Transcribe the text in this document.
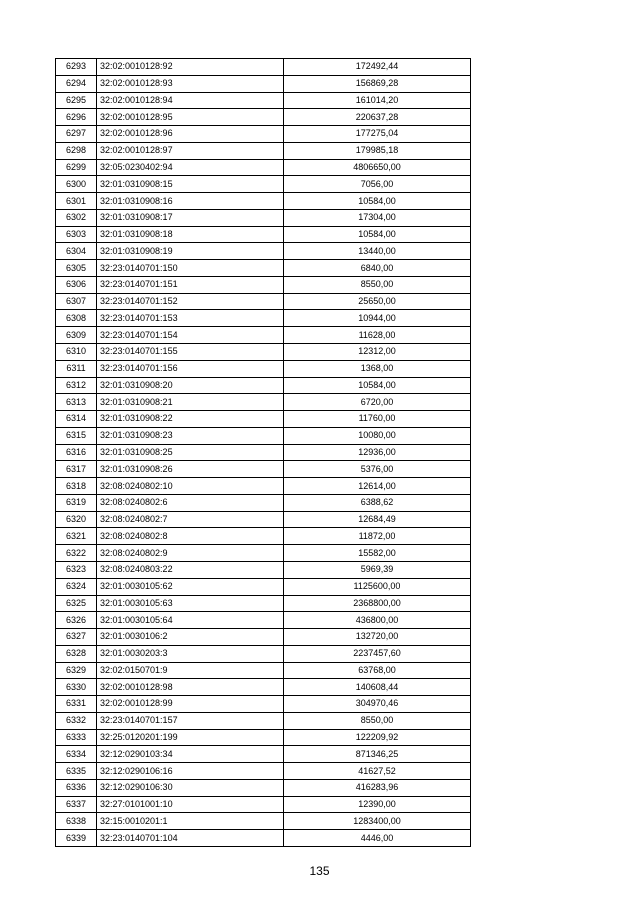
6293	32:02:0010128:92	172492,44
6294	32:02:0010128:93	156869,28
6295	32:02:0010128:94	161014,20
6296	32:02:0010128:95	220637,28
6297	32:02:0010128:96	177275,04
6298	32:02:0010128:97	179985,18
6299	32:05:0230402:94	4806650,00
6300	32:01:0310908:15	7056,00
6301	32:01:0310908:16	10584,00
6302	32:01:0310908:17	17304,00
6303	32:01:0310908:18	10584,00
6304	32:01:0310908:19	13440,00
6305	32:23:0140701:150	6840,00
6306	32:23:0140701:151	8550,00
6307	32:23:0140701:152	25650,00
6308	32:23:0140701:153	10944,00
6309	32:23:0140701:154	11628,00
6310	32:23:0140701:155	12312,00
6311	32:23:0140701:156	1368,00
6312	32:01:0310908:20	10584,00
6313	32:01:0310908:21	6720,00
6314	32:01:0310908:22	11760,00
6315	32:01:0310908:23	10080,00
6316	32:01:0310908:25	12936,00
6317	32:01:0310908:26	5376,00
6318	32:08:0240802:10	12614,00
6319	32:08:0240802:6	6388,62
6320	32:08:0240802:7	12684,49
6321	32:08:0240802:8	11872,00
6322	32:08:0240802:9	15582,00
6323	32:08:0240803:22	5969,39
6324	32:01:0030105:62	1125600,00
6325	32:01:0030105:63	2368800,00
6326	32:01:0030105:64	436800,00
6327	32:01:0030106:2	132720,00
6328	32:01:0030203:3	2237457,60
6329	32:02:0150701:9	63768,00
6330	32:02:0010128:98	140608,44
6331	32:02:0010128:99	304970,46
6332	32:23:0140701:157	8550,00
6333	32:25:0120201:199	122209,92
6334	32:12:0290103:34	871346,25
6335	32:12:0290106:16	41627,52
6336	32:12:0290106:30	416283,96
6337	32:27:0101001:10	12390,00
6338	32:15:0010201:1	1283400,00
6339	32:23:0140701:104	4446,00
135
